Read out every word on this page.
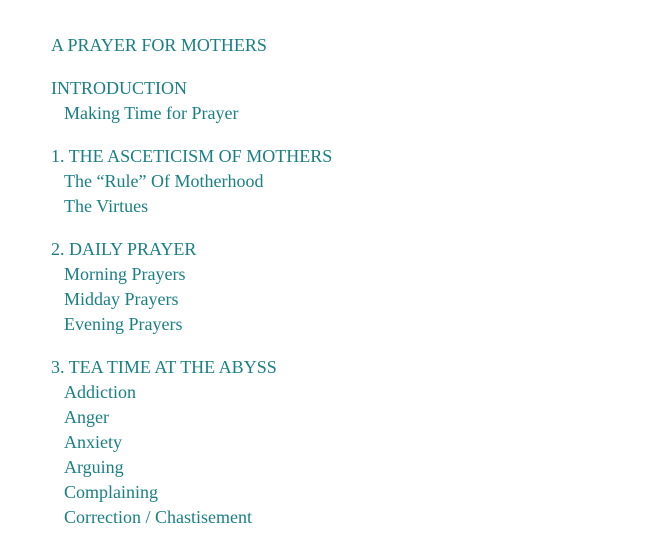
A PRAYER FOR MOTHERS
INTRODUCTION
Making Time for Prayer
1. THE ASCETICISM OF MOTHERS
The “Rule” Of Motherhood
The Virtues
2. DAILY PRAYER
Morning Prayers
Midday Prayers
Evening Prayers
3. TEA TIME AT THE ABYSS
Addiction
Anger
Anxiety
Arguing
Complaining
Correction / Chastisement
